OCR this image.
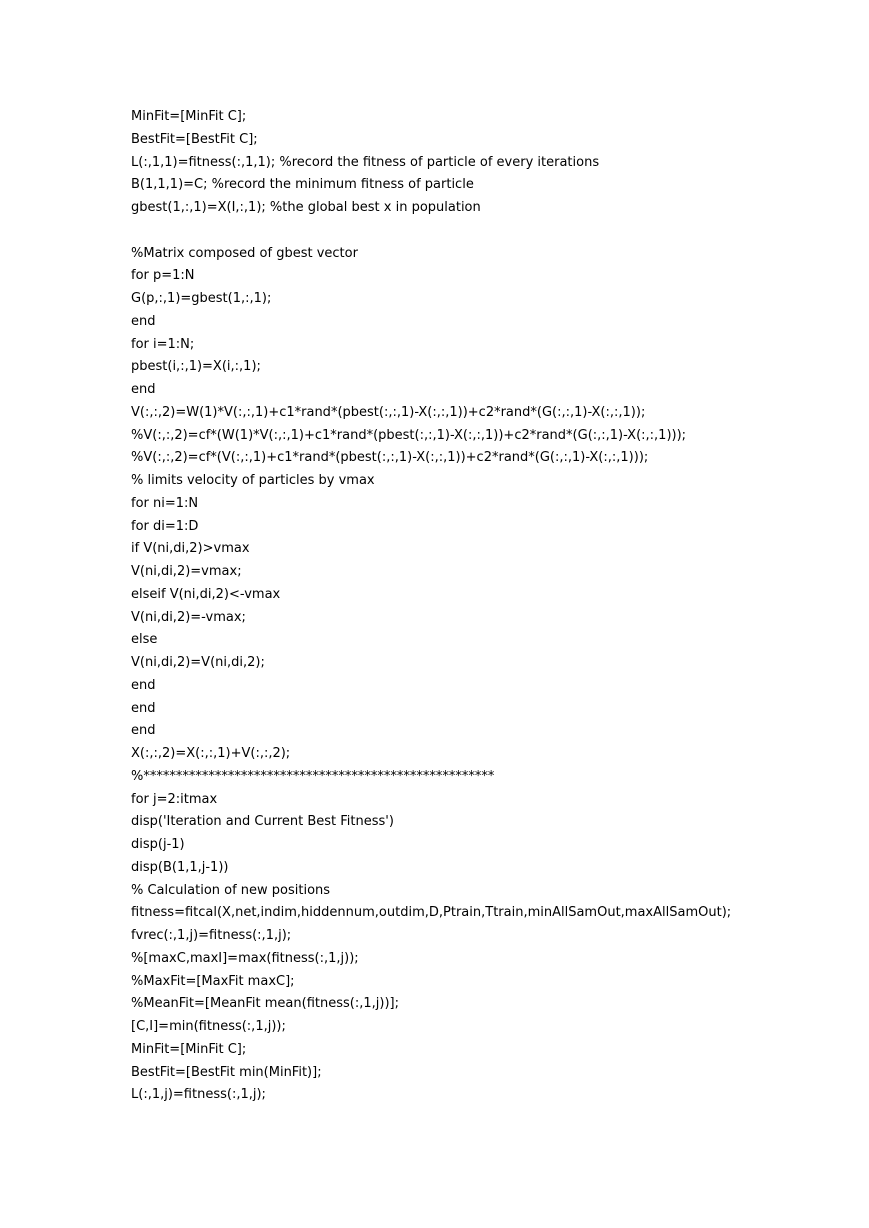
MinFit=[MinFit C];
BestFit=[BestFit C];
L(:,1,1)=fitness(:,1,1); %record the fitness of particle of every iterations
B(1,1,1)=C; %record the minimum fitness of particle
gbest(1,:,1)=X(I,:,1); %the global best x in population
%Matrix composed of gbest vector
for p=1:N
G(p,:,1)=gbest(1,:,1);
end
for i=1:N;
pbest(i,:,1)=X(i,:,1);
end
V(:,:,2)=W(1)*V(:,:,1)+c1*rand*(pbest(:,:,1)-X(:,:,1))+c2*rand*(G(:,:,1)-X(:,:,1));
%V(:,:,2)=cf*(W(1)*V(:,:,1)+c1*rand*(pbest(:,:,1)-X(:,:,1))+c2*rand*(G(:,:,1)-X(:,:,1)));
%V(:,:,2)=cf*(V(:,:,1)+c1*rand*(pbest(:,:,1)-X(:,:,1))+c2*rand*(G(:,:,1)-X(:,:,1)));
% limits velocity of particles by vmax
for ni=1:N
for di=1:D
if V(ni,di,2)>vmax
V(ni,di,2)=vmax;
elseif V(ni,di,2)<-vmax
V(ni,di,2)=-vmax;
else
V(ni,di,2)=V(ni,di,2);
end
end
end
X(:,:,2)=X(:,:,1)+V(:,:,2);
%******************************************************
for j=2:itmax
disp('Iteration and Current Best Fitness')
disp(j-1)
disp(B(1,1,j-1))
% Calculation of new positions
fitness=fitcal(X,net,indim,hiddennum,outdim,D,Ptrain,Ttrain,minAllSamOut,maxAllSamOut);
fvrec(:,1,j)=fitness(:,1,j);
%[maxC,maxI]=max(fitness(:,1,j));
%MaxFit=[MaxFit maxC];
%MeanFit=[MeanFit mean(fitness(:,1,j))];
[C,I]=min(fitness(:,1,j));
MinFit=[MinFit C];
BestFit=[BestFit min(MinFit)];
L(:,1,j)=fitness(:,1,j);
